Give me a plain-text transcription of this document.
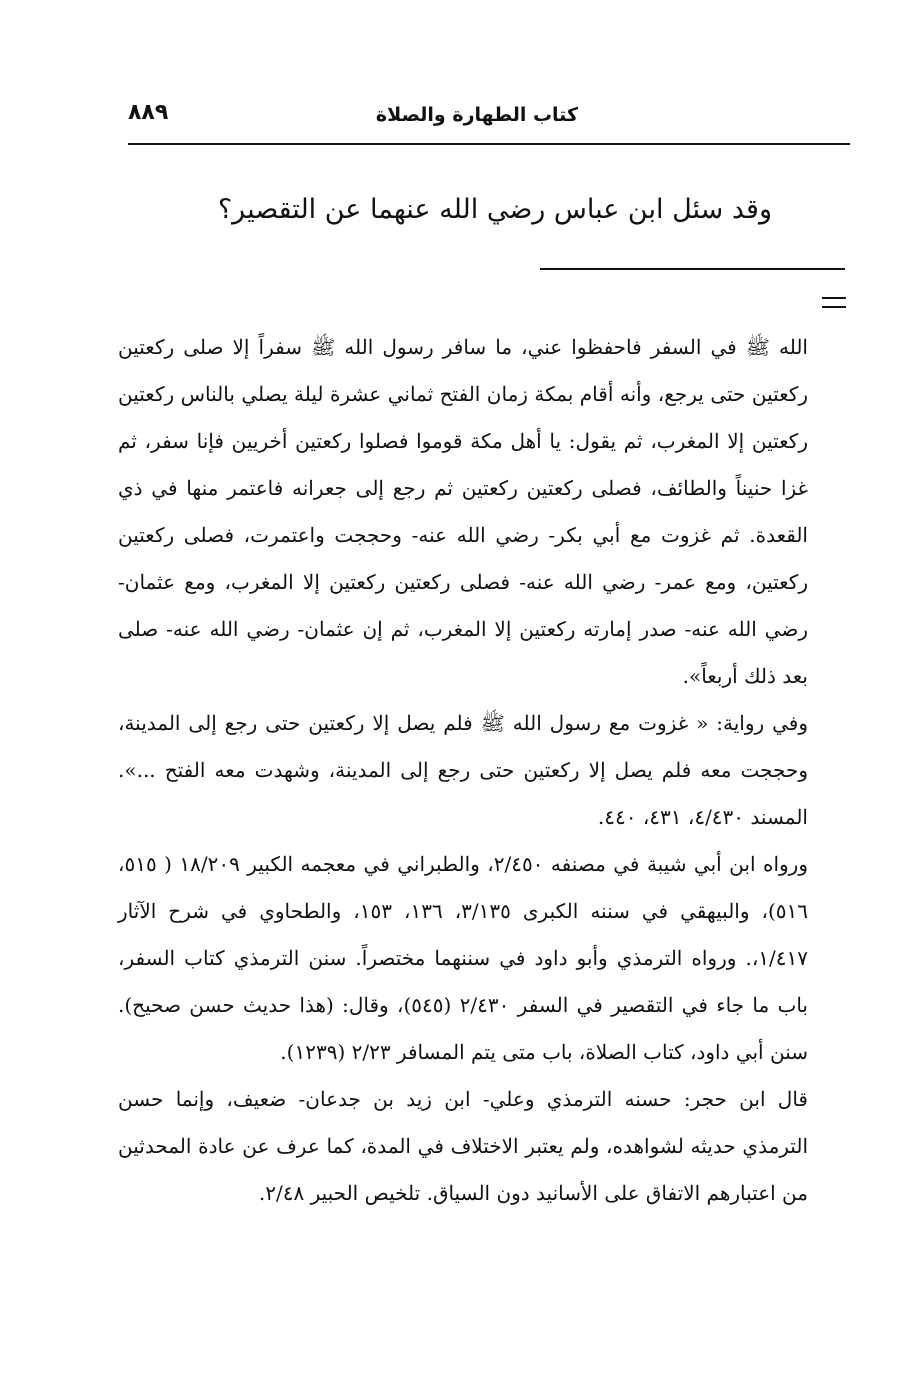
كتاب الطهارة والصلاة
٨٨٩
وقد سئل ابن عباس رضي الله عنهما عن التقصير؟

الله ﷺ في السفر فاحفظوا عني، ما سافر رسول الله ﷺ سفراً إلا صلى ركعتين ركعتين حتى يرجع، وأنه أقام بمكة زمان الفتح ثماني عشرة ليلة يصلي بالناس ركعتين ركعتين إلا المغرب، ثم يقول: يا أهل مكة قوموا فصلوا ركعتين أخريين فإنا سفر، ثم غزا حنيناً والطائف، فصلى ركعتين ركعتين ثم رجع إلى جعرانه فاعتمر منها في ذي القعدة. ثم غزوت مع أبي بكر- رضي الله عنه- وحججت واعتمرت، فصلى ركعتين ركعتين، ومع عمر- رضي الله عنه- فصلى ركعتين ركعتين إلا المغرب، ومع عثمان- رضي الله عنه- صدر إمارته ركعتين إلا المغرب، ثم إن عثمان- رضي الله عنه- صلى بعد ذلك أربعاً».

وفي رواية: « غزوت مع رسول الله ﷺ فلم يصل إلا ركعتين حتى رجع إلى المدينة، وحججت معه فلم يصل إلا ركعتين حتى رجع إلى المدينة، وشهدت معه الفتح ...». المسند ٤/٤٣٠، ٤٣١، ٤٤٠.

ورواه ابن أبي شيبة في مصنفه ٢/٤٥٠، والطبراني في معجمه الكبير ١٨/٢٠٩ ( ٥١٥، ٥١٦)، والبيهقي في سننه الكبرى ٣/١٣٥، ١٣٦، ١٥٣، والطحاوي في شرح الآثار ١/٤١٧،. ورواه الترمذي وأبو داود في سننهما مختصراً. سنن الترمذي كتاب السفر، باب ما جاء في التقصير في السفر ٢/٤٣٠ (٥٤٥)، وقال: (هذا حديث حسن صحيح). سنن أبي داود، كتاب الصلاة، باب متى يتم المسافر ٢/٢٣ (١٢٣٩).

قال ابن حجر: حسنه الترمذي وعلي- ابن زيد بن جدعان- ضعيف، وإنما حسن الترمذي حديثه لشواهده، ولم يعتبر الاختلاف في المدة، كما عرف عن عادة المحدثين من اعتبارهم الاتفاق على الأسانيد دون السياق. تلخيص الحبير ٢/٤٨.
